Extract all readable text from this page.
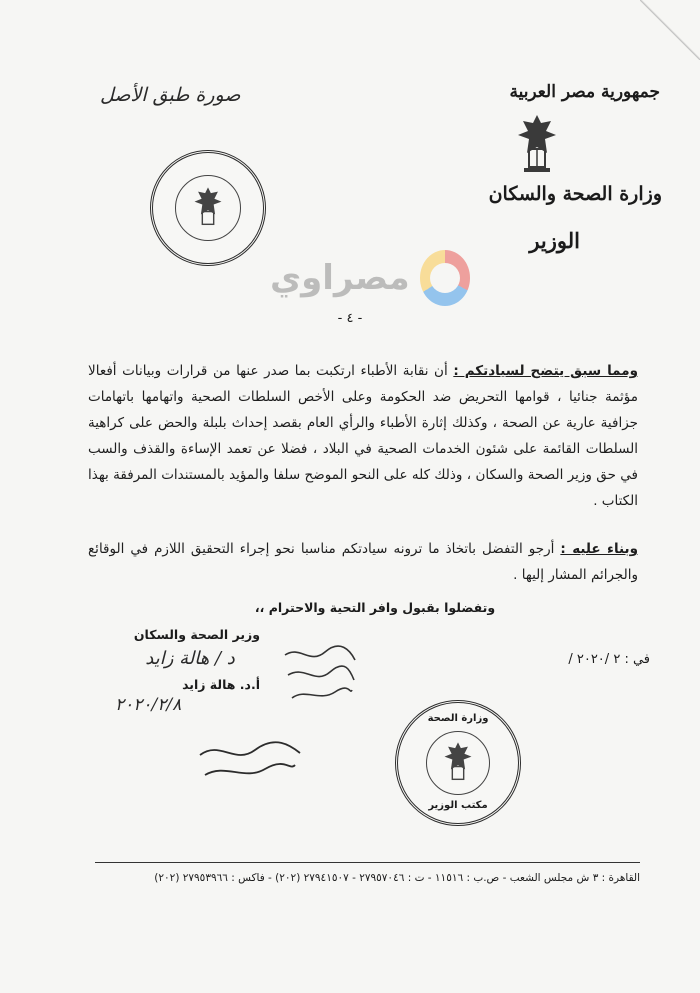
جمهورية مصر العربية
وزارة الصحة والسكان
الوزير
صورة طبق الأصل
مصراوي
- ٤ -
ومما سبق يتضح لسيادتكم : أن نقابة الأطباء ارتكبت بما صدر عنها من قرارات وبيانات أفعالا مؤثمة جنائيا ، قوامها التحريض ضد الحكومة وعلى الأخص السلطات الصحية واتهامها باتهامات جزافية عارية عن الصحة ، وكذلك إثارة الأطباء والرأي العام بقصد إحداث بلبلة والحض على كراهية السلطات القائمة على شئون الخدمات الصحية في البلاد ، فضلا عن تعمد الإساءة والقذف والسب في حق وزير الصحة والسكان ، وذلك كله على النحو الموضح سلفا والمؤيد بالمستندات المرفقة بهذا الكتاب .
وبناء عليه : أرجو التفضل باتخاذ ما ترونه سيادتكم مناسبا نحو إجراء التحقيق اللازم في الوقائع والجرائم المشار إليها .
وتفضلوا بقبول وافر التحية والاحترام ،،
وزير الصحة والسكان
د / هالة زايد
أ.د. هالة زايد
٢٠٢٠/٢/٨
في : / ٢ /٢٠٢٠
وزارة الصحة
مكتب الوزير
القاهرة : ٣ ش مجلس الشعب - ص.ب : ١١٥١٦ - ت : ٢٧٩٥٧٠٤٦ - ٢٧٩٤١٥٠٧ (٢٠٢) - فاكس : ٢٧٩٥٣٩٦٦ (٢٠٢)
